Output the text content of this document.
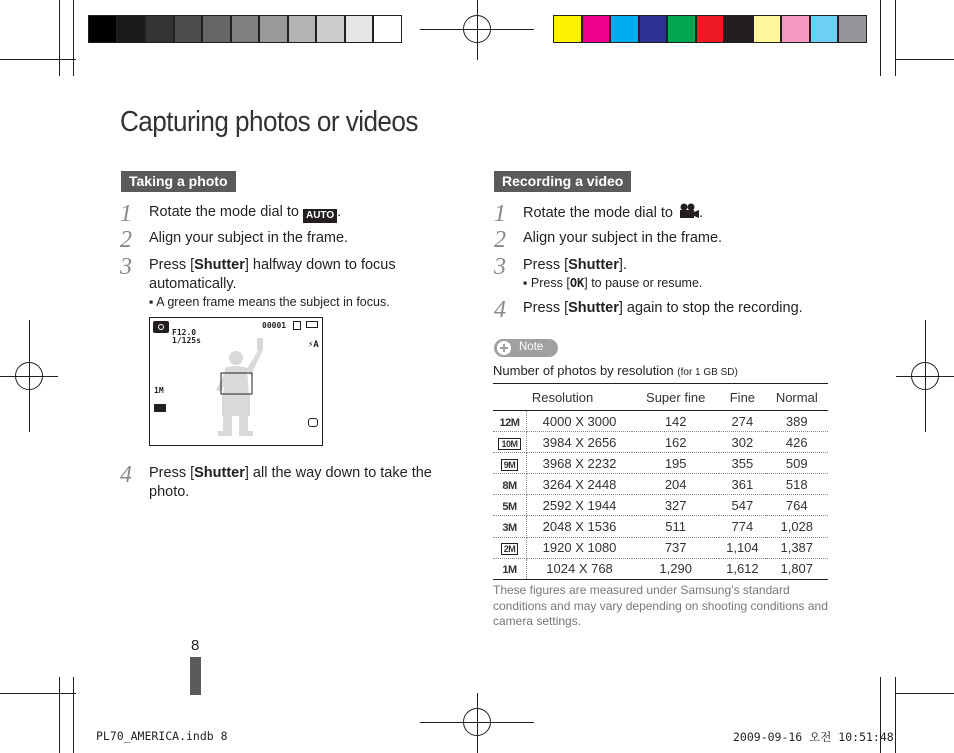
Capturing photos or videos
Taking a photo
1 Rotate the mode dial to AUTO .
2 Align your subject in the frame.
3 Press [Shutter] halfway down to focus
automatically.
▪ A green frame means the subject in focus.
F12.0
1/125s
00001
⚡A
1M
4 Press [Shutter] all the way down to take the
photo.
Recording a video
1 Rotate the mode dial to .
2 Align your subject in the frame.
3 Press [Shutter].
▪ Press [OK] to pause or resume.
4 Press [Shutter] again to stop the recording.
Note
Number of photos by resolution (for 1 GB SD)
Resolution		Super fine	Fine	Normal
12M	4000 X 3000	142	274	389
10M	3984 X 2656	162	302	426
9M	3968 X 2232	195	355	509
8M	3264 X 2448	204	361	518
5M	2592 X 1944	327	547	764
3M	2048 X 1536	511	774	1,028
2M	1920 X 1080	737	1,104	1,387
1M	1024 X 768	1,290	1,612	1,807
These figures are measured under Samsung’s standard conditions and may vary depending on shooting conditions and camera settings.
8
PL70_AMERICA.indb 8	2009-09-16 오전 10:51:48
